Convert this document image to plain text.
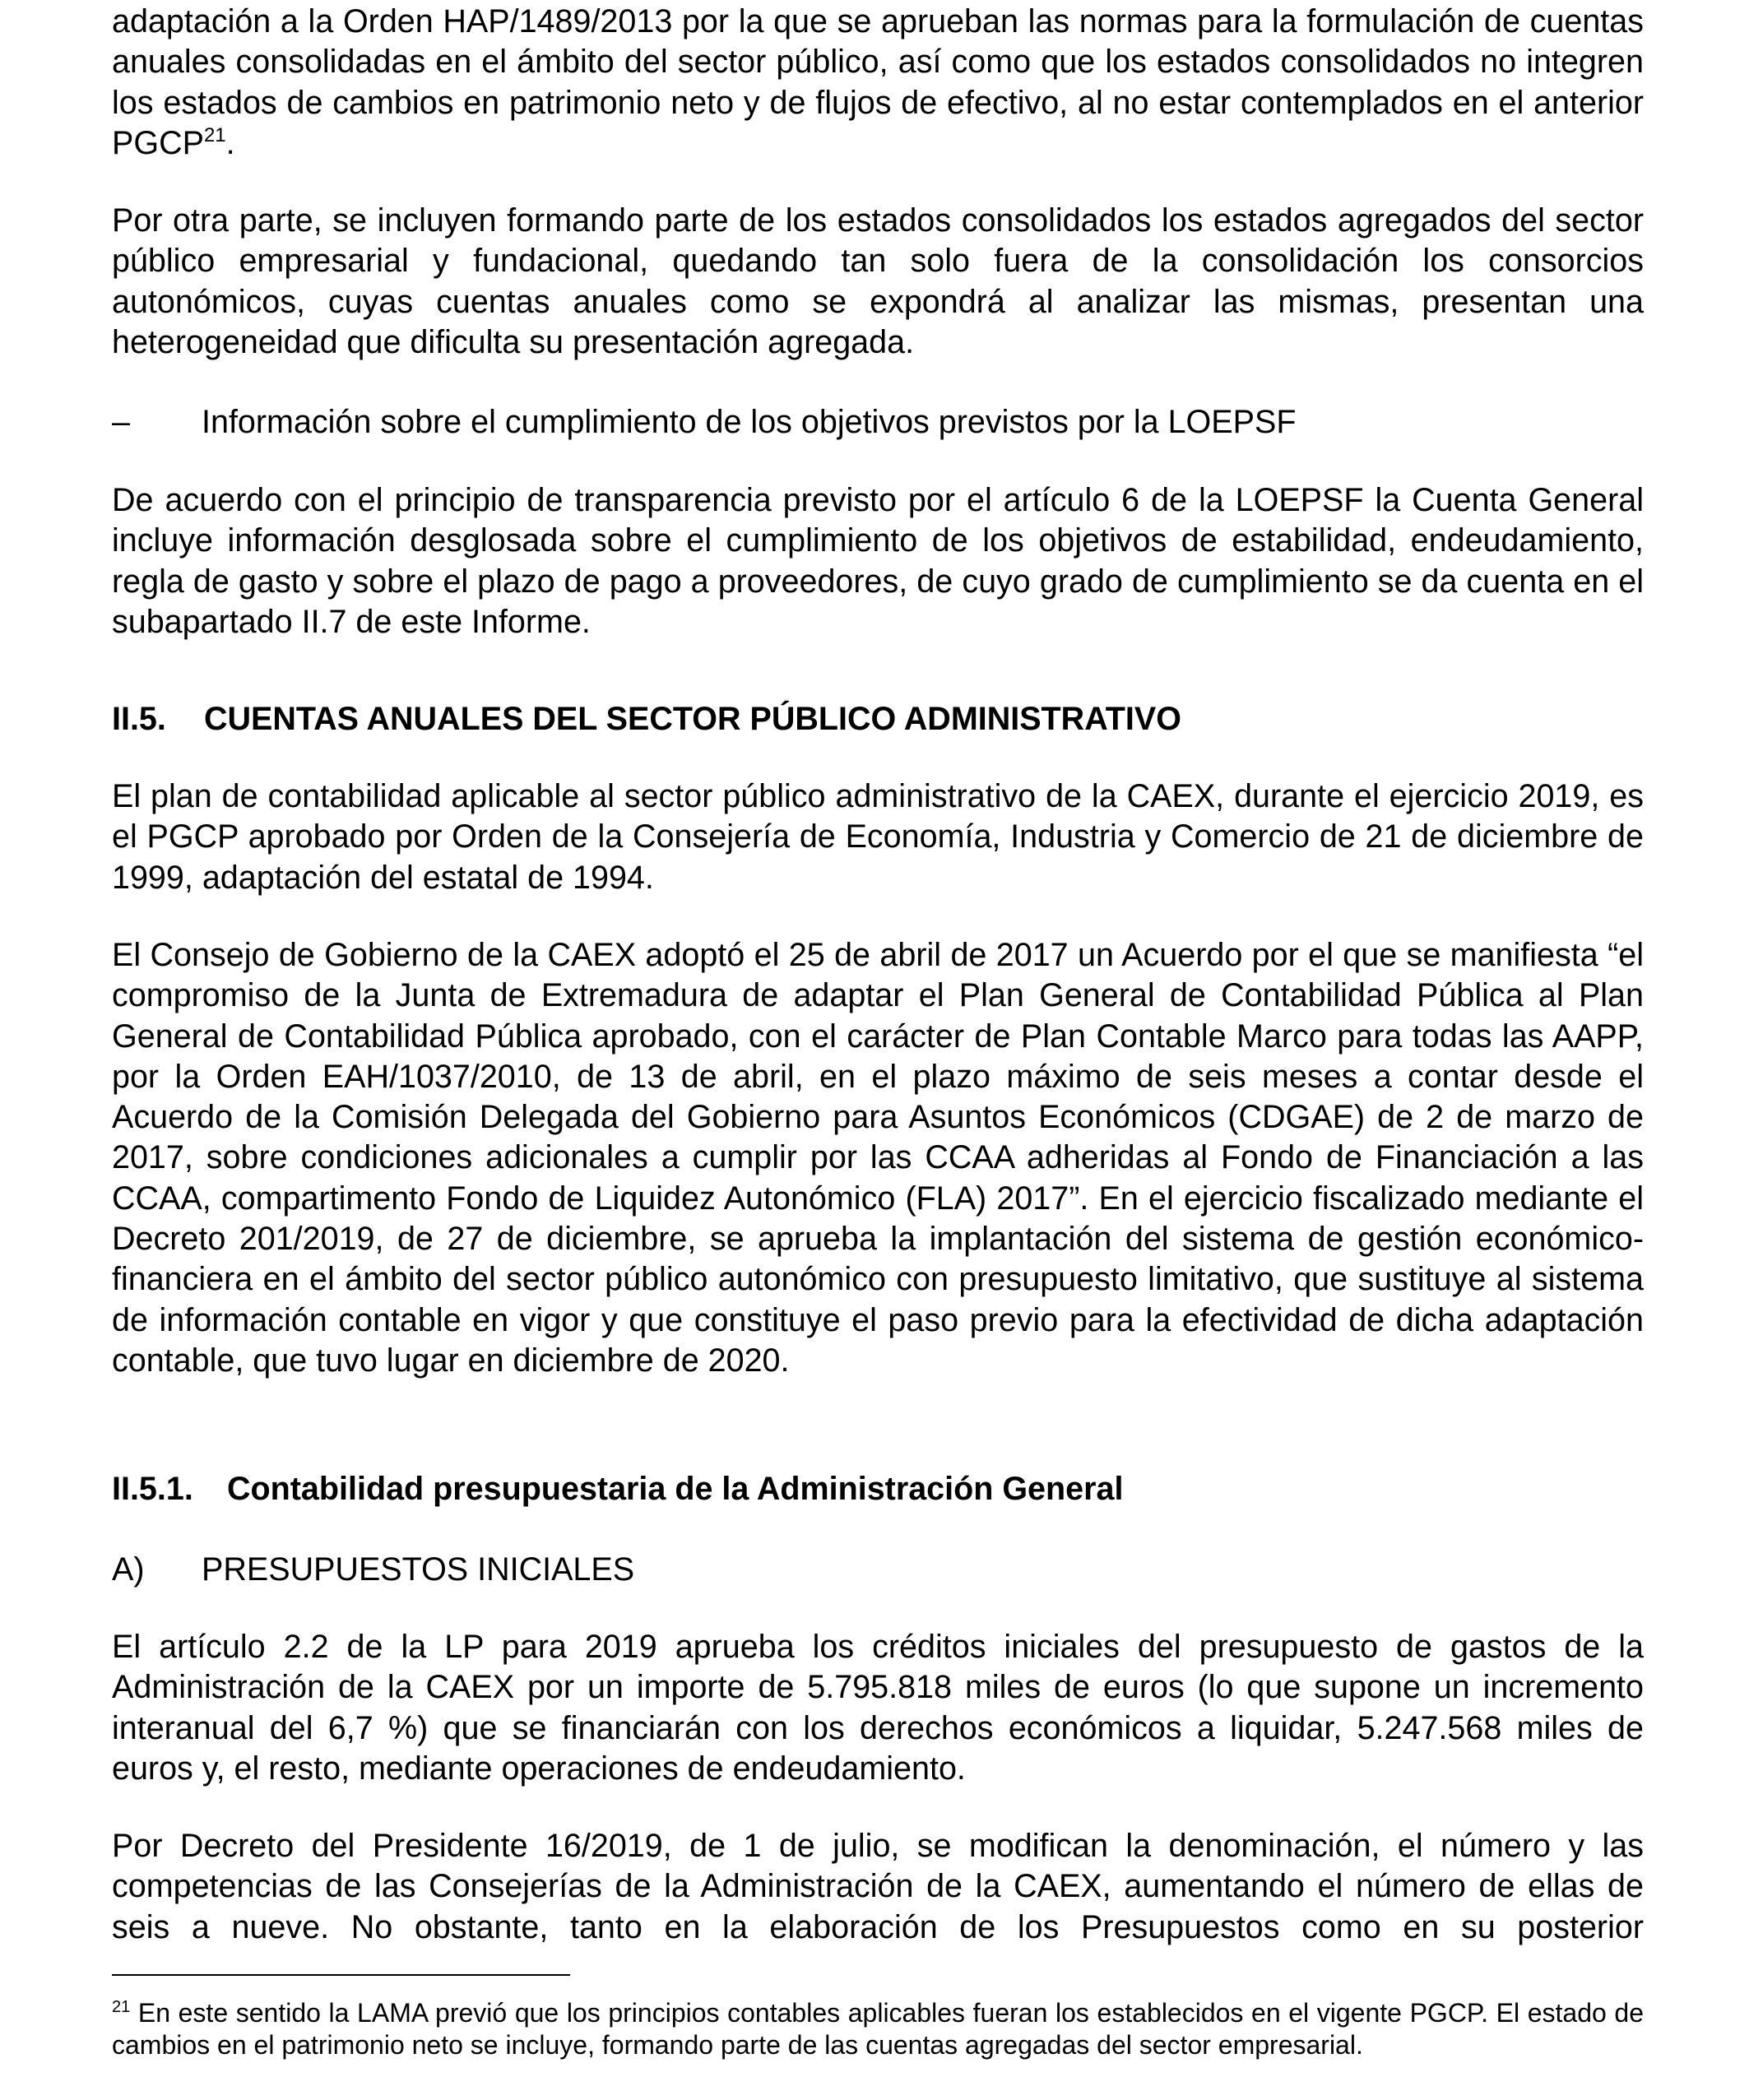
adaptación a la Orden HAP/1489/2013 por la que se aprueban las normas para la formulación de cuentas anuales consolidadas en el ámbito del sector público, así como que los estados consolidados no integren los estados de cambios en patrimonio neto y de flujos de efectivo, al no estar contemplados en el anterior PGCP$^{21}$.

Por otra parte, se incluyen formando parte de los estados consolidados los estados agregados del sector público empresarial y fundacional, quedando tan solo fuera de la consolidación los consorcios autonómicos, cuyas cuentas anuales como se expondrá al analizar las mismas, presentan una heterogeneidad que dificulta su presentación agregada.

–	Información sobre el cumplimiento de los objetivos previstos por la LOEPSF

De acuerdo con el principio de transparencia previsto por el artículo 6 de la LOEPSF la Cuenta General incluye información desglosada sobre el cumplimiento de los objetivos de estabilidad, endeudamiento, regla de gasto y sobre el plazo de pago a proveedores, de cuyo grado de cumplimiento se da cuenta en el subapartado II.7 de este Informe.

II.5. CUENTAS ANUALES DEL SECTOR PÚBLICO ADMINISTRATIVO

El plan de contabilidad aplicable al sector público administrativo de la CAEX, durante el ejercicio 2019, es el PGCP aprobado por Orden de la Consejería de Economía, Industria y Comercio de 21 de diciembre de 1999, adaptación del estatal de 1994.

El Consejo de Gobierno de la CAEX adoptó el 25 de abril de 2017 un Acuerdo por el que se manifiesta “el compromiso de la Junta de Extremadura de adaptar el Plan General de Contabilidad Pública al Plan General de Contabilidad Pública aprobado, con el carácter de Plan Contable Marco para todas las AAPP, por la Orden EAH/1037/2010, de 13 de abril, en el plazo máximo de seis meses a contar desde el Acuerdo de la Comisión Delegada del Gobierno para Asuntos Económicos (CDGAE) de 2 de marzo de 2017, sobre condiciones adicionales a cumplir por las CCAA adheridas al Fondo de Financiación a las CCAA, compartimento Fondo de Liquidez Autonómico (FLA) 2017”. En el ejercicio fiscalizado mediante el Decreto 201/2019, de 27 de diciembre, se aprueba la implantación del sistema de gestión económico-financiera en el ámbito del sector público autonómico con presupuesto limitativo, que sustituye al sistema de información contable en vigor y que constituye el paso previo para la efectividad de dicha adaptación contable, que tuvo lugar en diciembre de 2020.

II.5.1. Contabilidad presupuestaria de la Administración General
A) PRESUPUESTOS INICIALES

El artículo 2.2 de la LP para 2019 aprueba los créditos iniciales del presupuesto de gastos de la Administración de la CAEX por un importe de 5.795.818 miles de euros (lo que supone un incremento interanual del 6,7 %) que se financiarán con los derechos económicos a liquidar, 5.247.568 miles de euros y, el resto, mediante operaciones de endeudamiento.

Por Decreto del Presidente 16/2019, de 1 de julio, se modifican la denominación, el número y las competencias de las Consejerías de la Administración de la CAEX, aumentando el número de ellas de seis a nueve. No obstante, tanto en la elaboración de los Presupuestos como en su posterior

$^{21}$ En este sentido la LAMA previó que los principios contables aplicables fueran los establecidos en el vigente PGCP. El estado de cambios en el patrimonio neto se incluye, formando parte de las cuentas agregadas del sector empresarial.
